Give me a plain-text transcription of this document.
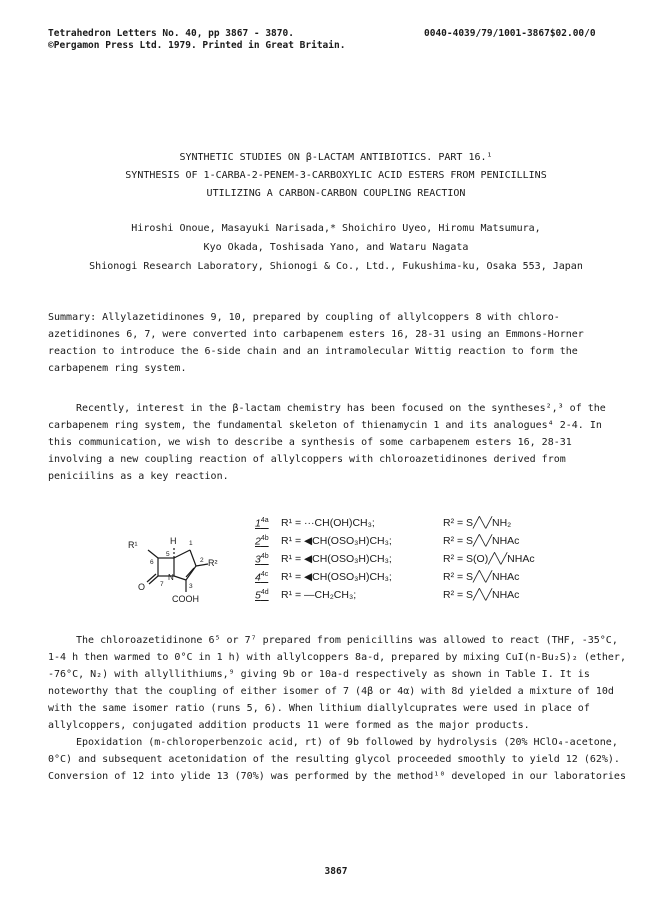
Tetrahedron Letters No. 40, pp 3867 - 3870.
©Pergamon Press Ltd. 1979. Printed in Great Britain.
0040-4039/79/1001-3867$02.00/0
SYNTHETIC STUDIES ON β-LACTAM ANTIBIOTICS. PART 16.¹
SYNTHESIS OF 1-CARBA-2-PENEM-3-CARBOXYLIC ACID ESTERS FROM PENICILLINS
UTILIZING A CARBON-CARBON COUPLING REACTION
Hiroshi Onoue, Masayuki Narisada,* Shoichiro Uyeo, Hiromu Matsumura,
Kyo Okada, Toshisada Yano, and Wataru Nagata
Shionogi Research Laboratory, Shionogi & Co., Ltd., Fukushima-ku, Osaka 553, Japan
Summary: Allylazetidinones 9, 10, prepared by coupling of allylcoppers 8 with chloro-
azetidinones 6, 7, were converted into carbapenem esters 16, 28-31 using an Emmons-Horner
reaction to introduce the 6-side chain and an intramolecular Wittig reaction to form the
carbapenem ring system.
Recently, interest in the β-lactam chemistry has been focused on the syntheses²,³ of the
carbapenem ring system, the fundamental skeleton of thienamycin 1 and its analogues⁴ 2-4. In
this communication, we wish to describe a synthesis of some carbapenem esters 16, 28-31
involving a new coupling reaction of allylcoppers with chloroazetidinones derived from
peniciilins as a key reaction.
R¹	H
R²
O
N
COOH
1
2
3
5
6
7
$1^{4a}$	R¹ = ···CH(OH)CH₃;	R² = S╱╲╱NH₂
$2^{4b}$	R¹ = ◀CH(OSO₃H)CH₃;	R² = S╱╲╱NHAc
$3^{4b}$	R¹ = ◀CH(OSO₃H)CH₃;	R² = S(O)╱╲╱NHAc
$4^{4c}$	R¹ = ◀CH(OSO₃H)CH₃;	R² = S╱╲╱NHAc
$5^{4d}$	R¹ = —CH₂CH₃;	R² = S╱╲╱NHAc
The chloroazetidinone 6⁵ or 7⁷ prepared from penicillins was allowed to react (THF, -35°C,
1-4 h then warmed to 0°C in 1 h) with allylcoppers 8a-d, prepared by mixing CuI(n-Bu₂S)₂ (ether,
-76°C, N₂) with allyllithiums,⁹ giving 9b or 10a-d respectively as shown in Table I. It is
noteworthy that the coupling of either isomer of 7 (4β or 4α) with 8d yielded a mixture of 10d
with the same isomer ratio (runs 5, 6). When lithium diallylcuprates were used in place of
allylcoppers, conjugated addition products 11 were formed as the major products.
Epoxidation (m-chloroperbenzoic acid, rt) of 9b followed by hydrolysis (20% HClO₄-acetone,
0°C) and subsequent acetonidation of the resulting glycol proceeded smoothly to yield 12 (62%).
Conversion of 12 into ylide 13 (70%) was performed by the method¹⁰ developed in our laboratories
3867
